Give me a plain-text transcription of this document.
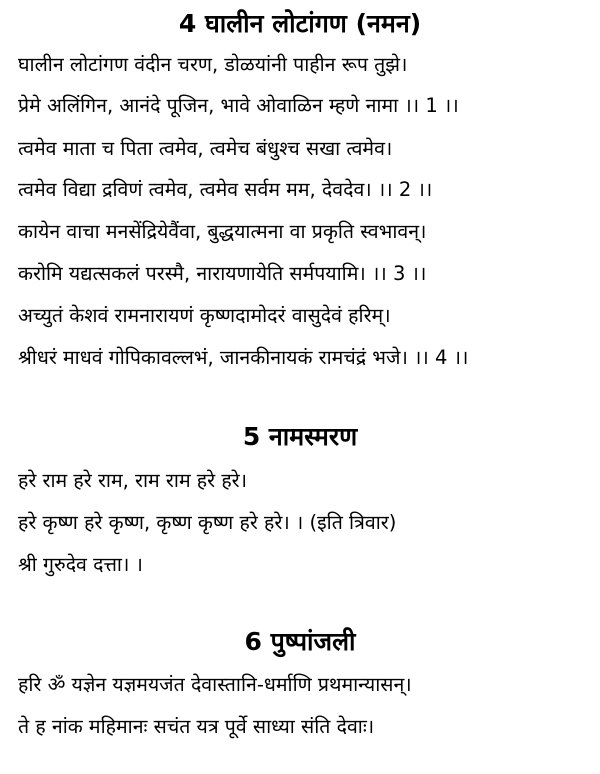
4 घालीन लोटांगण (नमन)
घालीन लोटांगण वंदीन चरण, डोळयांनी पाहीन रूप तुझे।
प्रेमे अलिंगिन, आनंदे पूजिन, भावे ओवाळिन म्हणे नामा ।। 1 ।।
त्वमेव माता च पिता त्वमेव, त्वमेच बंधुश्च सखा त्वमेव।
त्वमेव विद्या द्रविणं त्वमेव, त्वमेव सर्वम मम, देवदेव। ।। 2 ।।
कायेन वाचा मनसेंद्रियेवैंवा, बुद्धयात्मना वा प्रकृति स्वभावन्।
करोमि यद्यत्सकलं परस्मै, नारायणायेति सर्मपयामि। ।। 3 ।।
अच्युतं केशवं रामनारायणं कृष्णदामोदरं वासुदेवं हरिम्।
श्रीधरं माधवं गोपिकावल्लभं, जानकीनायकं रामचंद्रं भजे। ।। 4 ।।
5 नामस्मरण
हरे राम हरे राम, राम राम हरे हरे।
हरे कृष्ण हरे कृष्ण, कृष्ण कृष्ण हरे हरे। । (इति त्रिवार)
श्री गुरुदेव दत्ता। ।
6 पुष्पांजली
हरि ॐ यज्ञेन यज्ञमयजंत देवास्तानि-धर्माणि प्रथमान्यासन्।
ते ह नांक महिमानः सचंत यत्र पूर्वे साध्या संति देवाः।
